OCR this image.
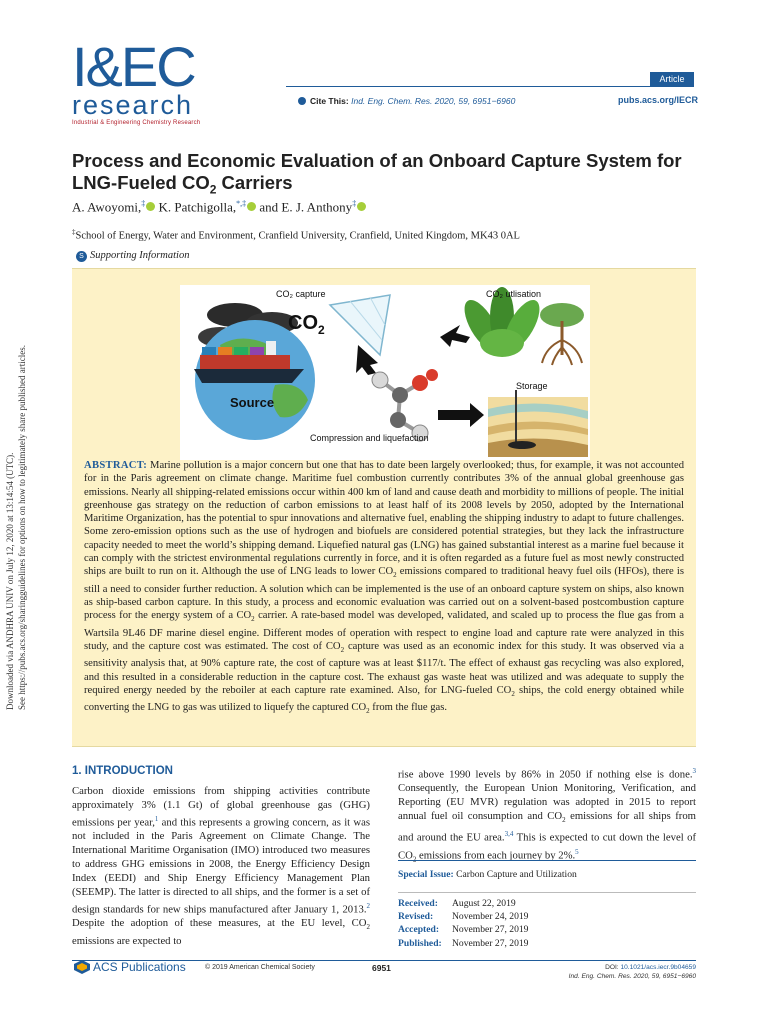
Downloaded via ANDHRA UNIV on July 12, 2020 at 13:14:54 (UTC). See https://pubs.acs.org/sharingguidelines for options on how to legitimately share published articles.
I&EC
research
Industrial & Engineering Chemistry Research
Article
Cite This: Ind. Eng. Chem. Res. 2020, 59, 6951−6960	pubs.acs.org/IECR
Process and Economic Evaluation of an Onboard Capture System for
LNG-Fueled $CO_2$ Carriers
A. Awoyomi,‡ K. Patchigolla,*,‡ and E. J. Anthony‡
‡School of Energy, Water and Environment, Cranfield University, Cranfield, United Kingdom, MK43 0AL
S Supporting Information
$CO_2$
Source
CO₂ capture	CO₂ utlisation
Storage
Compression and liquefaction
ABSTRACT: Marine pollution is a major concern but one that has to date been largely overlooked; thus, for example, it was not accounted for in the Paris agreement on climate change. Maritime fuel combustion currently contributes 3% of the annual global greenhouse gas emissions. Nearly all shipping-related emissions occur within 400 km of land and cause death and morbidity to millions of people. The initial greenhouse gas strategy on the reduction of carbon emissions to at least half of its 2008 levels by 2050, adopted by the International Maritime Organization, has the potential to spur innovations and alternative fuel, enabling the shipping industry to adapt to future challenges. Some zero-emission options such as the use of hydrogen and biofuels are considered potential strategies, but they lack the infrastructure capacity needed to meet the world’s shipping demand. Liquefied natural gas (LNG) has gained substantial interest as a marine fuel because it can comply with the strictest environmental regulations currently in force, and it is often regarded as a future fuel as most newly constructed ships are built to run on it. Although the use of LNG leads to lower $CO_2$ emissions compared to traditional heavy fuel oils (HFOs), there is still a need to consider further reduction. A solution which can be implemented is the use of an onboard capture system on ships, also known as ship-based carbon capture. In this study, a process and economic evaluation was carried out on a solvent-based postcombustion capture process for the energy system of a $CO_2$ carrier. A rate-based model was developed, validated, and scaled up to process the flue gas from a Wartsila 9L46 DF marine diesel engine. Different modes of operation with respect to engine load and capture rate were analyzed in this study, and the capture cost was estimated. The cost of $CO_2$ capture was used as an economic index for this study. It was observed via a sensitivity analysis that, at 90% capture rate, the cost of capture was at least $117/t. The effect of exhaust gas recycling was also explored, and this resulted in a considerable reduction in the capture cost. The exhaust gas waste heat was utilized and was adequate to supply the required energy needed by the reboiler at each capture rate examined. Also, for LNG-fueled $CO_2$ ships, the cold energy obtained while converting the LNG to gas was utilized to liquefy the captured $CO_2$ from the flue gas.
1. INTRODUCTION
Carbon dioxide emissions from shipping activities contribute approximately 3% (1.1 Gt) of global greenhouse gas (GHG) emissions per year,$^1$ and this represents a growing concern, as it was not included in the Paris Agreement on Climate Change. The International Maritime Organisation (IMO) introduced two measures to address GHG emissions in 2008, the Energy Efficiency Design Index (EEDI) and Ship Energy Efficiency Management Plan (SEEMP). The latter is directed to all ships, and the former is a set of design standards for new ships manufactured after January 1, 2013.$^2$ Despite the adoption of these measures, at the EU level, $CO_2$ emissions are expected to
rise above 1990 levels by 86% in 2050 if nothing else is done.$^3$ Consequently, the European Union Monitoring, Verification, and Reporting (EU MVR) regulation was adopted in 2015 to report annual fuel oil consumption and $CO_2$ emissions for all ships from and around the EU area.$^{3,4}$ This is expected to cut down the level of $CO_2$ emissions from each journey by 2%.$^5$
Special Issue: Carbon Capture and Utilization
Received:	August 22, 2019
Revised:	November 24, 2019
Accepted:	November 27, 2019
Published:	November 27, 2019
ACS Publications	© 2019 American Chemical Society	6951	DOI: 10.1021/acs.iecr.9b04659
Ind. Eng. Chem. Res. 2020, 59, 6951−6960
